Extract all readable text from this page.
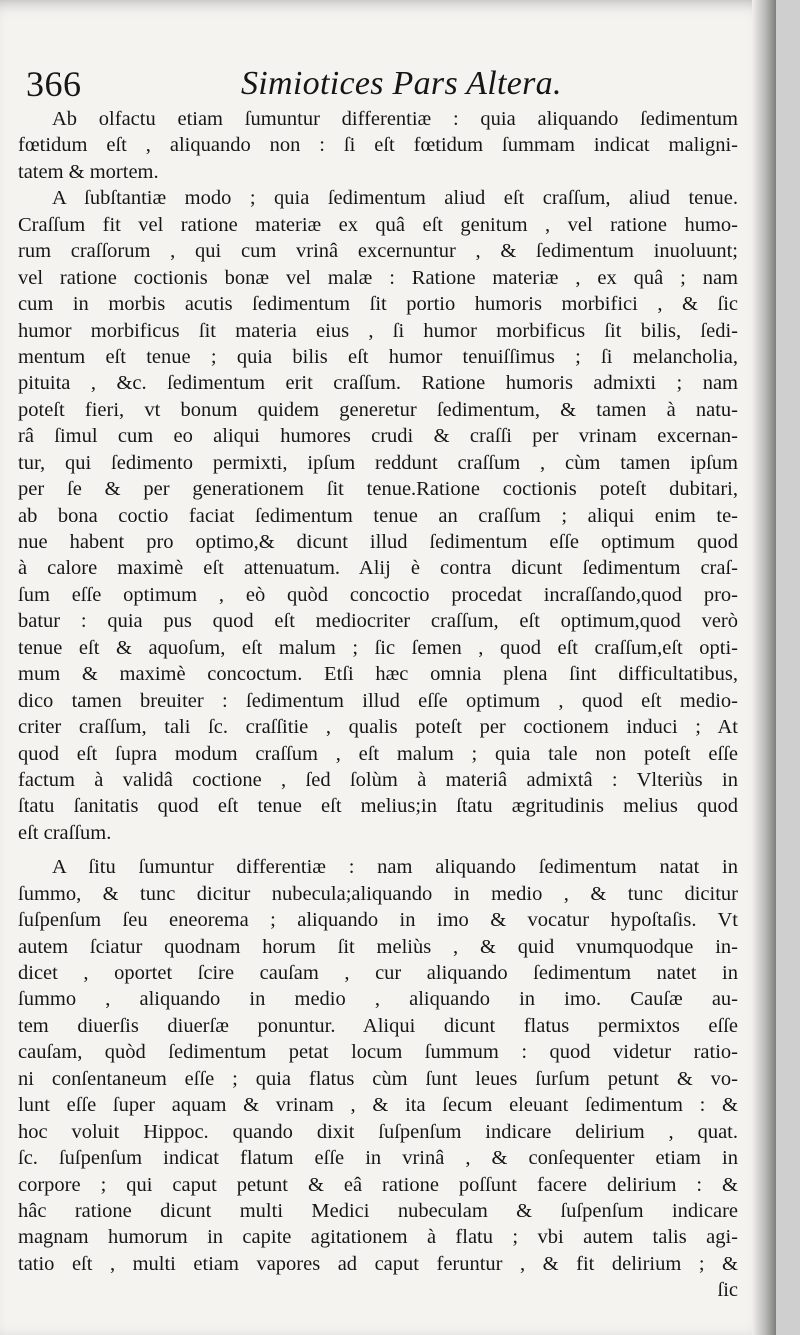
366	Simiotices Pars Altera.
Ab olfactu etiam ſumuntur differentiæ : quia aliquando ſedimentum
fœtidum eſt , aliquando non : ſi eſt fœtidum ſummam indicat maligni-
tatem & mortem.
A ſubſtantiæ modo ; quia ſedimentum aliud eſt craſſum, aliud tenue.
Craſſum fit vel ratione materiæ ex quâ eſt genitum , vel ratione humo-
rum craſſorum , qui cum vrinâ excernuntur , & ſedimentum inuoluunt;
vel ratione coctionis bonæ vel malæ : Ratione materiæ , ex quâ ; nam
cum in morbis acutis ſedimentum ſit portio humoris morbifici , & ſic
humor morbificus ſit materia eius , ſi humor morbificus ſit bilis, ſedi-
mentum eſt tenue ; quia bilis eſt humor tenuiſſimus ; ſi melancholia,
pituita , &c. ſedimentum erit craſſum. Ratione humoris admixti ; nam
poteſt fieri, vt bonum quidem generetur ſedimentum, & tamen à natu-
râ ſimul cum eo aliqui humores crudi & craſſi per vrinam excernan-
tur, qui ſedimento permixti, ipſum reddunt craſſum , cùm tamen ipſum
per ſe & per generationem ſit tenue.Ratione coctionis poteſt dubitari,
ab bona coctio faciat ſedimentum tenue an craſſum ; aliqui enim te-
nue habent pro optimo,& dicunt illud ſedimentum eſſe optimum quod
à calore maximè eſt attenuatum. Alij è contra dicunt ſedimentum craſ-
ſum eſſe optimum , eò quòd concoctio procedat incraſſando,quod pro-
batur : quia pus quod eſt mediocriter craſſum, eſt optimum,quod verò
tenue eſt & aquoſum, eſt malum ; ſic ſemen , quod eſt craſſum,eſt opti-
mum & maximè concoctum. Etſi hæc omnia plena ſint difficultatibus,
dico tamen breuiter : ſedimentum illud eſſe optimum , quod eſt medio-
criter craſſum, tali ſc. craſſitie , qualis poteſt per coctionem induci ; At
quod eſt ſupra modum craſſum , eſt malum ; quia tale non poteſt eſſe
factum à validâ coctione , ſed ſolùm à materiâ admixtâ : Vlteriùs in
ſtatu ſanitatis quod eſt tenue eſt melius;in ſtatu ægritudinis melius quod
eſt craſſum.
A ſitu ſumuntur differentiæ : nam aliquando ſedimentum natat in
ſummo, & tunc dicitur nubecula;aliquando in medio , & tunc dicitur
ſuſpenſum ſeu eneorema ; aliquando in imo & vocatur hypoſtaſis. Vt
autem ſciatur quodnam horum ſit meliùs , & quid vnumquodque in-
dicet , oportet ſcire cauſam , cur aliquando ſedimentum natet in
ſummo , aliquando in medio , aliquando in imo. Cauſæ au-
tem diuerſis diuerſæ ponuntur. Aliqui dicunt flatus permixtos eſſe
cauſam, quòd ſedimentum petat locum ſummum : quod videtur ratio-
ni conſentaneum eſſe ; quia flatus cùm ſunt leues ſurſum petunt & vo-
lunt eſſe ſuper aquam & vrinam , & ita ſecum eleuant ſedimentum : &
hoc voluit Hippoc. quando dixit ſuſpenſum indicare delirium , quat.
ſc. ſuſpenſum indicat flatum eſſe in vrinâ , & conſequenter etiam in
corpore ; qui caput petunt & eâ ratione poſſunt facere delirium : &
hâc ratione dicunt multi Medici nubeculam & ſuſpenſum indicare
magnam humorum in capite agitationem à flatu ; vbi autem talis agi-
tatio eſt , multi etiam vapores ad caput feruntur , & fit delirium ; &
ſic
